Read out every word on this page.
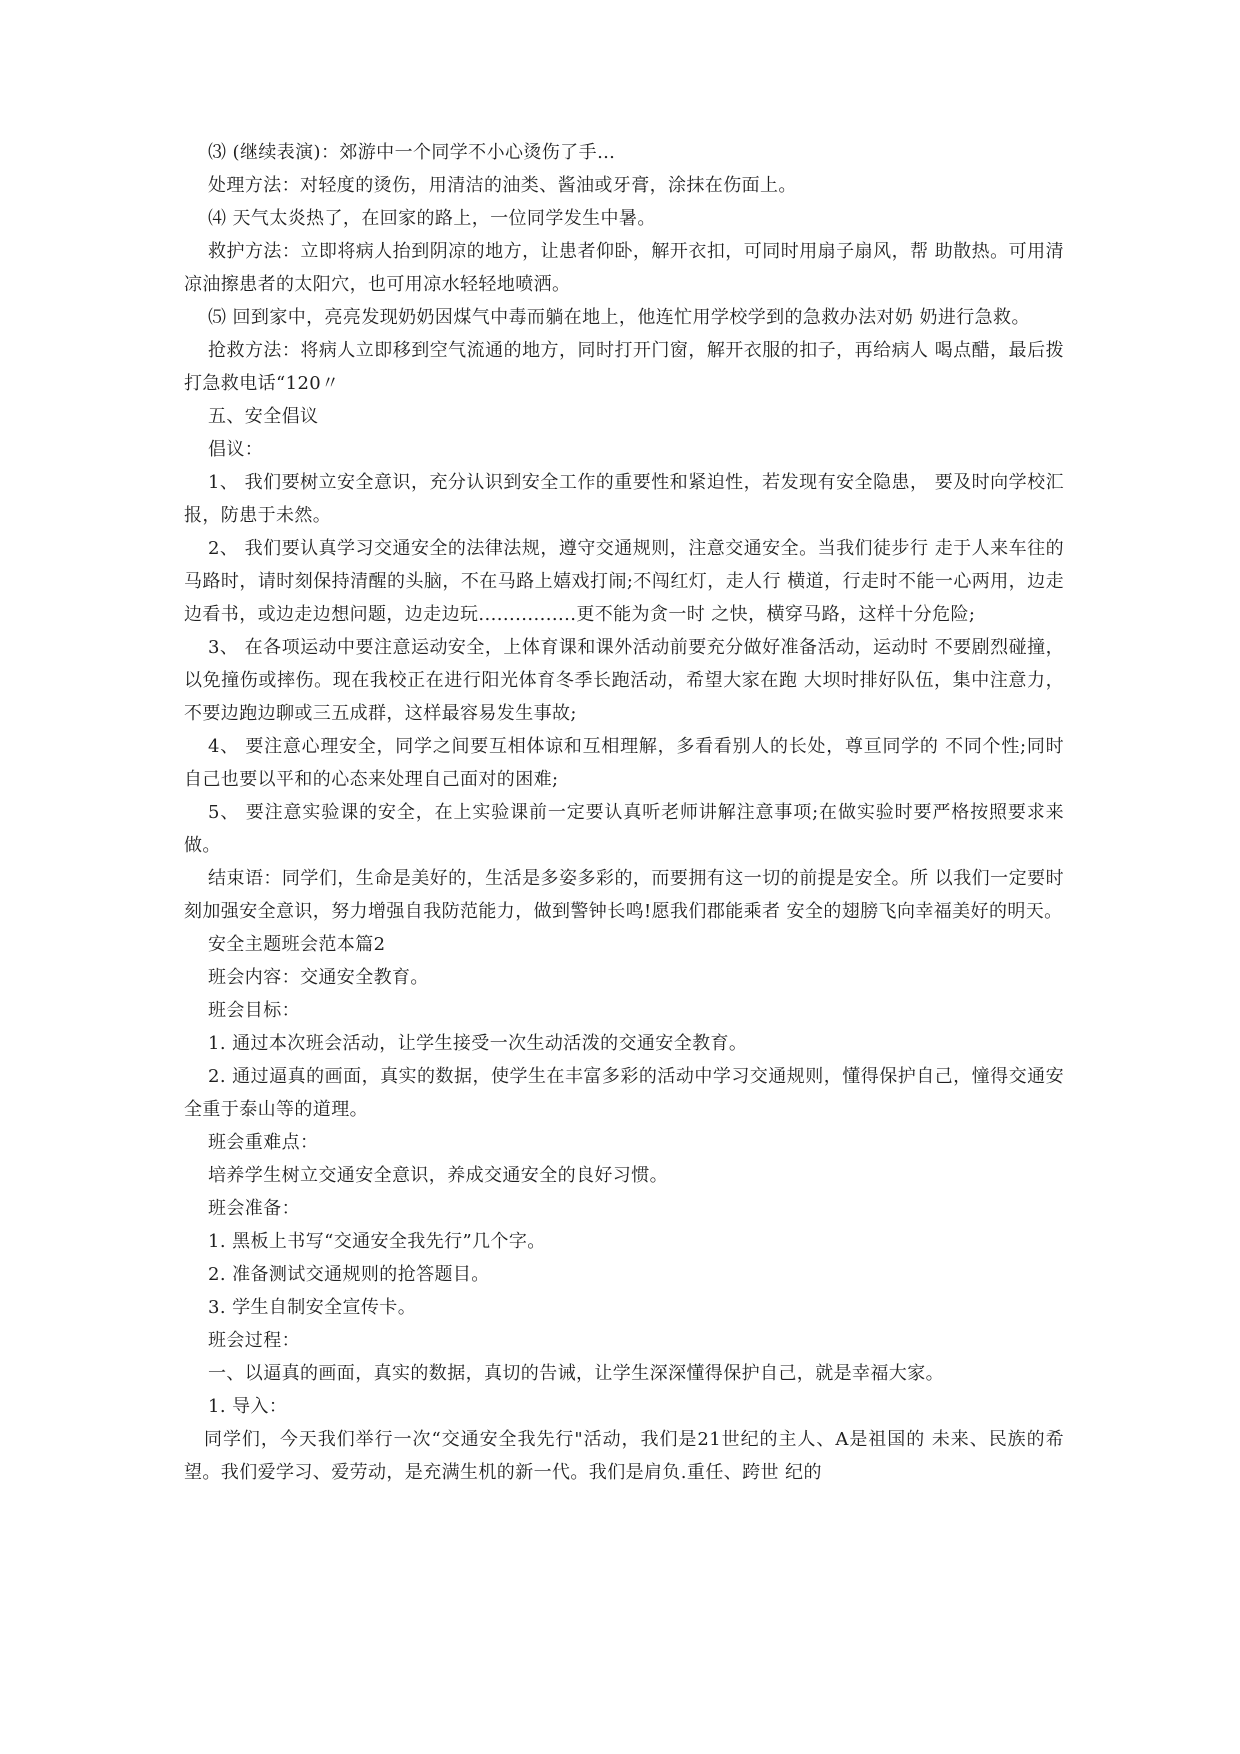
⑶ (继续表演)：郊游中一个同学不小心烫伤了手…

处理方法：对轻度的烫伤，用清洁的油类、酱油或牙膏，涂抹在伤面上。

⑷ 天气太炎热了，在回家的路上，一位同学发生中暑。

救护方法：立即将病人抬到阴凉的地方，让患者仰卧，解开衣扣，可同时用扇子扇风，帮 助散热。可用清凉油擦患者的太阳穴，也可用凉水轻轻地喷洒。

⑸ 回到家中，亮亮发现奶奶因煤气中毒而躺在地上，他连忙用学校学到的急救办法对奶 奶进行急救。

抢救方法：将病人立即移到空气流通的地方，同时打开门窗，解开衣服的扣子，再给病人 喝点醋，最后拨打急救电话“120〃

五、安全倡议

倡议：

1、 我们要树立安全意识，充分认识到安全工作的重要性和紧迫性，若发现有安全隐患， 要及时向学校汇报，防患于未然。

2、 我们要认真学习交通安全的法律法规，遵守交通规则，注意交通安全。当我们徒步行 走于人来车往的马路时，请时刻保持清醒的头脑，不在马路上嬉戏打闹;不闯红灯，走人行 横道，行走时不能一心两用，边走边看书，或边走边想问题，边走边玩................更不能为贪一时 之快，横穿马路，这样十分危险;

3、 在各项运动中要注意运动安全，上体育课和课外活动前要充分做好准备活动，运动时 不要剧烈碰撞，以免撞伤或摔伤。现在我校正在进行阳光体育冬季长跑活动，希望大家在跑 大坝时排好队伍，集中注意力，不要边跑边聊或三五成群，这样最容易发生事故;

4、 要注意心理安全，同学之间要互相体谅和互相理解，多看看别人的长处，尊亘同学的 不同个性;同时自己也要以平和的心态来处理自己面对的困难;

5、 要注意实验课的安全，在上实验课前一定要认真听老师讲解注意事项;在做实验时要严格按照要求来做。

结束语：同学们，生命是美好的，生活是多姿多彩的，而要拥有这一切的前提是安全。所 以我们一定要时刻加强安全意识，努力增强自我防范能力，做到警钟长鸣!愿我们郡能乘者 安全的翅膀飞向幸福美好的明天。

安全主题班会范本篇2

班会内容：交通安全教育。

班会目标：

1. 通过本次班会活动，让学生接受一次生动活泼的交通安全教育。

2. 通过逼真的画面，真实的数据，使学生在丰富多彩的活动中学习交通规则，懂得保护自己，憧得交通安全重于泰山等的道理。

班会重难点：

培养学生树立交通安全意识，养成交通安全的良好习惯。

班会准备：

1. 黑板上书写“交通安全我先行”几个字。

2. 准备测试交通规则的抢答题目。

3. 学生自制安全宣传卡。

班会过程：

一、以逼真的画面，真实的数据，真切的告诫，让学生深深懂得保护自己，就是幸福大家。

1. 导入：

同学们，今天我们举行一次“交通安全我先行"活动，我们是21世纪的主人、A是祖国的 未来、民族的希望。我们爱学习、爱劳动，是充满生机的新一代。我们是肩负.重任、跨世 纪的
